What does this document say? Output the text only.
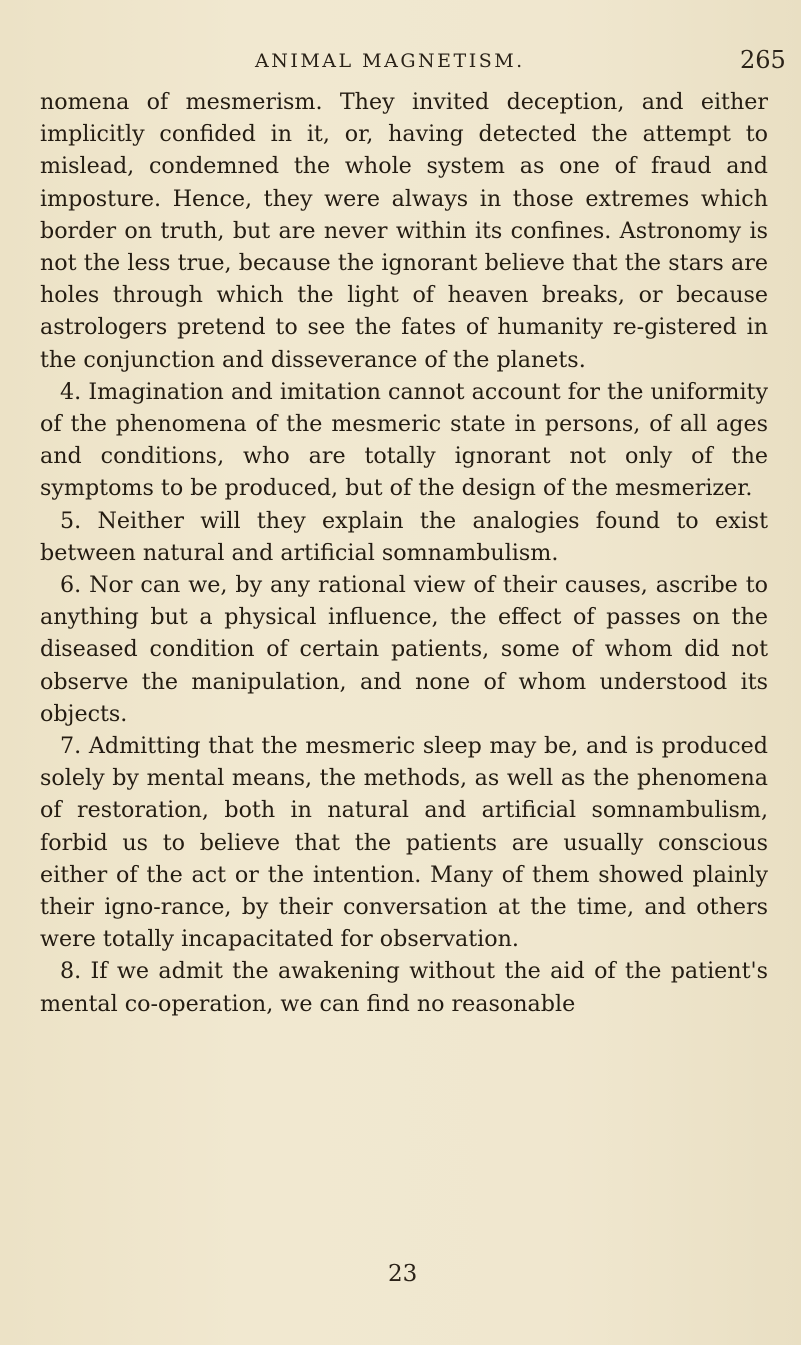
ANIMAL MAGNETISM.	265

nomena of mesmerism. They invited deception, and either implicitly confided in it, or, having detected the attempt to mislead, condemned the whole system as one of fraud and imposture. Hence, they were always in those extremes which border on truth, but are never within its confines. Astronomy is not the less true, because the ignorant believe that the stars are holes through which the light of heaven breaks, or because astrologers pretend to see the fates of humanity re-gistered in the conjunction and disseverance of the planets.

4. Imagination and imitation cannot account for the uniformity of the phenomena of the mesmeric state in persons, of all ages and conditions, who are totally ignorant not only of the symptoms to be produced, but of the design of the mesmerizer.

5. Neither will they explain the analogies found to exist between natural and artificial somnambulism.

6. Nor can we, by any rational view of their causes, ascribe to anything but a physical influence, the effect of passes on the diseased condition of certain patients, some of whom did not observe the manipulation, and none of whom understood its objects.

7. Admitting that the mesmeric sleep may be, and is produced solely by mental means, the methods, as well as the phenomena of restoration, both in natural and artificial somnambulism, forbid us to believe that the patients are usually conscious either of the act or the intention. Many of them showed plainly their igno-rance, by their conversation at the time, and others were totally incapacitated for observation.

8. If we admit the awakening without the aid of the patient's mental co-operation, we can find no reasonable

23
